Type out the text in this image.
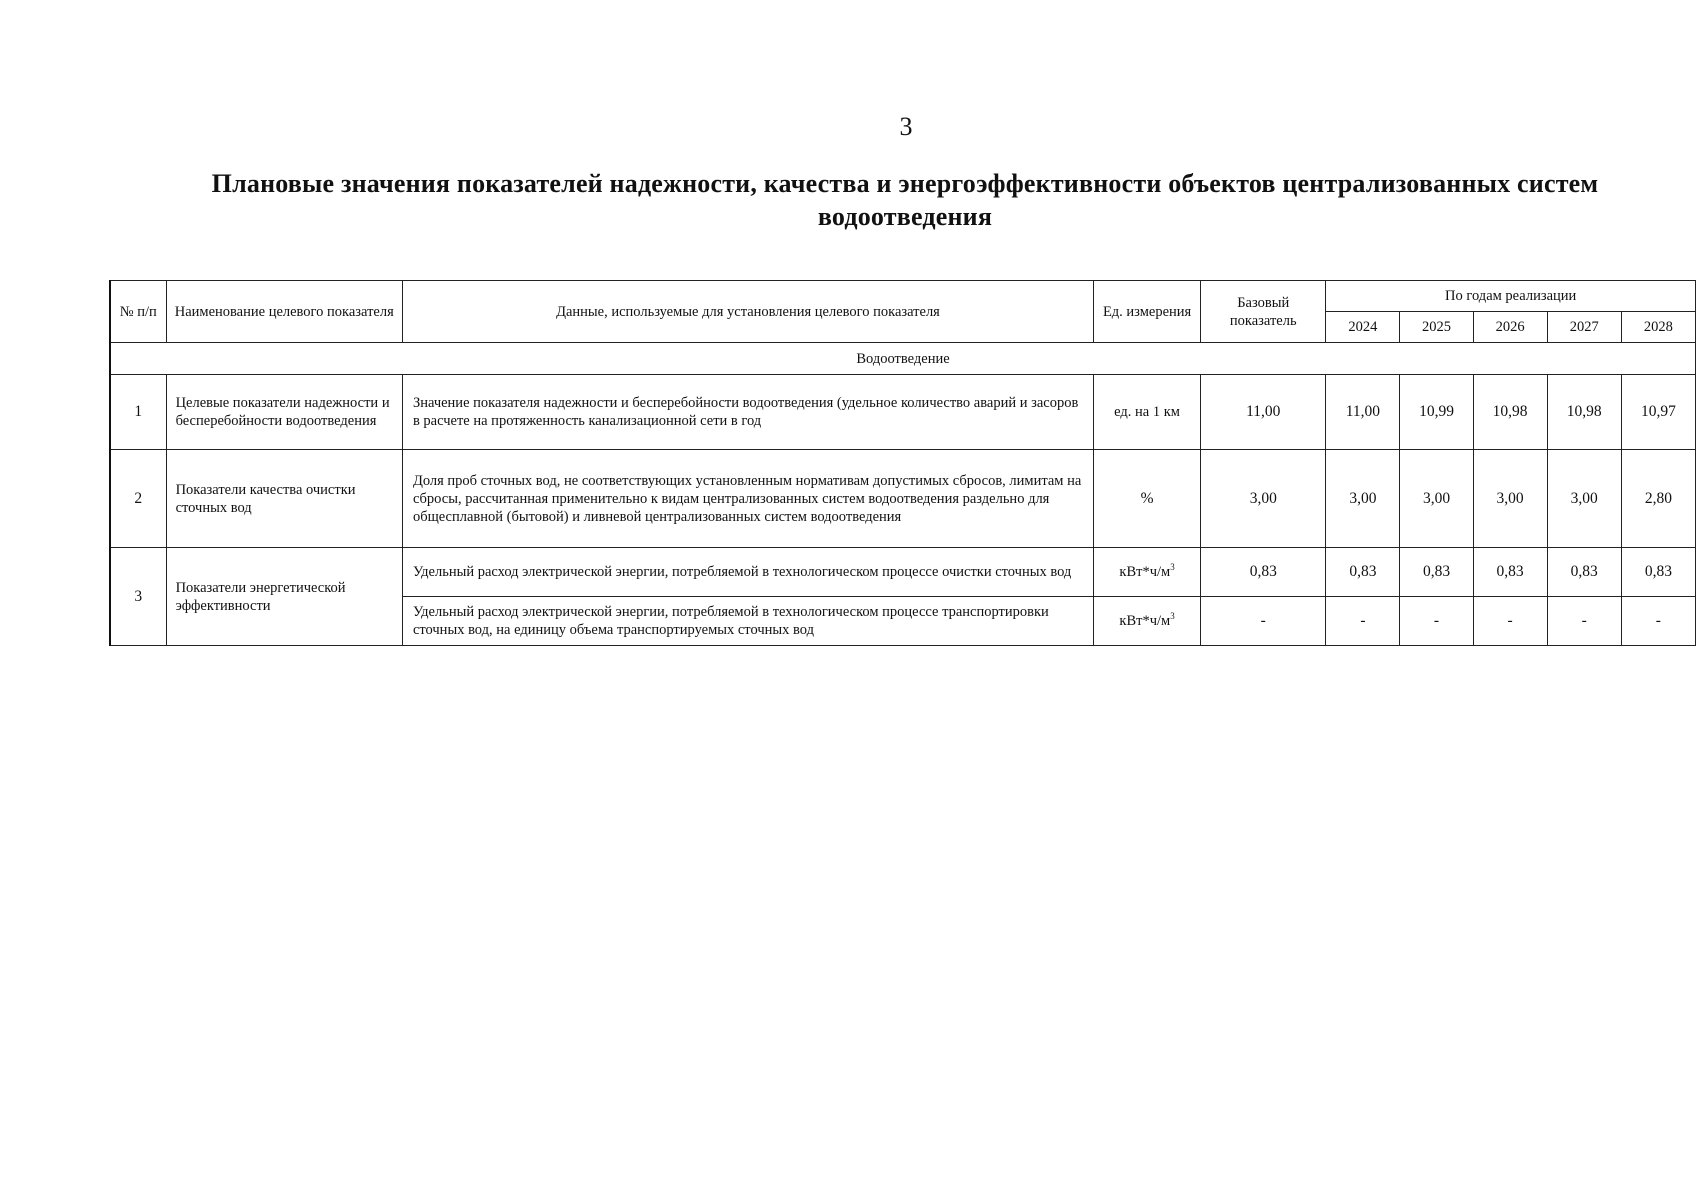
3
Плановые значения показателей надежности, качества и энергоэффективности объектов централизованных систем водоотведения
№ п/п	Наименование целевого показателя	Данные, используемые для установления целевого показателя	Ед. измерения	Базовый показатель	По годам реализации				
					2024	2025	2026	2027	2028
Водоотведение									
1	Целевые показатели надежности и бесперебойности водоотведения	Значение показателя надежности и бесперебойности водоотведения (удельное количество аварий и засоров в расчете на протяженность канализационной сети в год	ед. на 1 км	11,00	11,00	10,99	10,98	10,98	10,97
2	Показатели качества очистки сточных вод	Доля проб сточных вод, не соответствующих установленным нормативам допустимых сбросов, лимитам на сбросы, рассчитанная применительно к видам централизованных систем водоотведения раздельно для общесплавной (бытовой) и ливневой централизованных систем водоотведения	%	3,00	3,00	3,00	3,00	3,00	2,80
3	Показатели энергетической эффективности	Удельный расход электрической энергии, потребляемой в технологическом процессе очистки сточных вод	$кВт*ч/м^3$	0,83	0,83	0,83	0,83	0,83	0,83
		Удельный расход электрической энергии, потребляемой в технологическом процессе транспортировки сточных вод, на единицу объема транспортируемых сточных вод	$кВт*ч/м^3$	-	-	-	-	-	-
